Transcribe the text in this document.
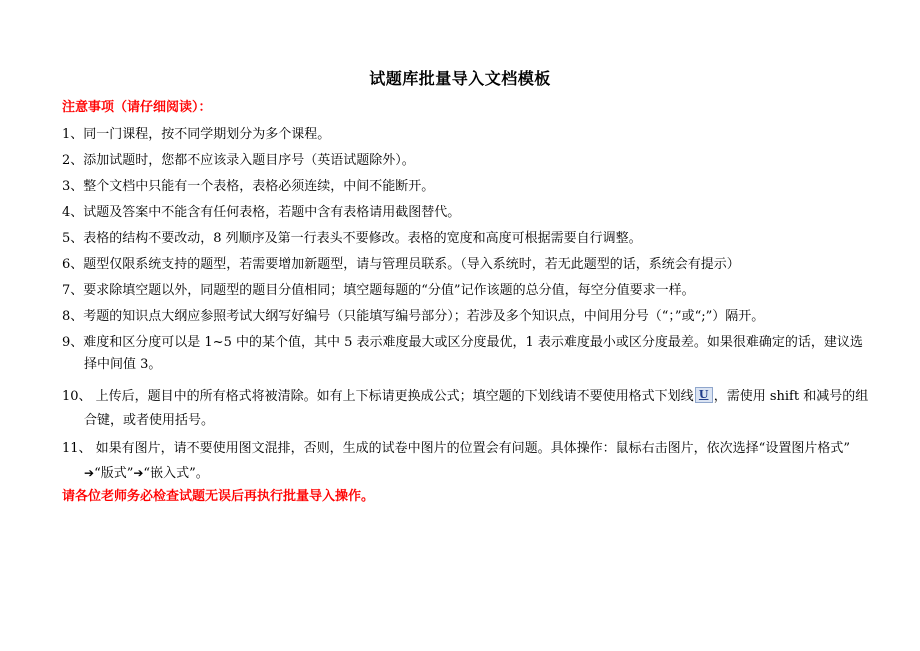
试题库批量导入文档模板
注意事项（请仔细阅读）：
1、同一门课程，按不同学期划分为多个课程。
2、添加试题时，您都不应该录入题目序号（英语试题除外）。
3、整个文档中只能有一个表格，表格必须连续，中间不能断开。
4、试题及答案中不能含有任何表格，若题中含有表格请用截图替代。
5、表格的结构不要改动，8 列顺序及第一行表头不要修改。表格的宽度和高度可根据需要自行调整。
6、题型仅限系统支持的题型，若需要增加新题型，请与管理员联系。（导入系统时，若无此题型的话，系统会有提示）
7、要求除填空题以外，同题型的题目分值相同；填空题每题的“分值”记作该题的总分值，每空分值要求一样。
8、考题的知识点大纲应参照考试大纲写好编号（只能填写编号部分）；若涉及多个知识点，中间用分号（“；”或“;”）隔开。
9、难度和区分度可以是 1~5 中的某个值，其中 5 表示难度最大或区分度最优，1 表示难度最小或区分度最差。如果很难确定的话，建议选
择中间值 3。
10、 上传后，题目中的所有格式将被清除。如有上下标请更换成公式；填空题的下划线请不要使用格式下划线 U ，需使用 shift 和减号的组
合键，或者使用括号。
11、 如果有图片，请不要使用图文混排，否则，生成的试卷中图片的位置会有问题。具体操作：鼠标右击图片，依次选择“设置图片格式”
➔“版式”➔“嵌入式”。
请各位老师务必检查试题无误后再执行批量导入操作。
